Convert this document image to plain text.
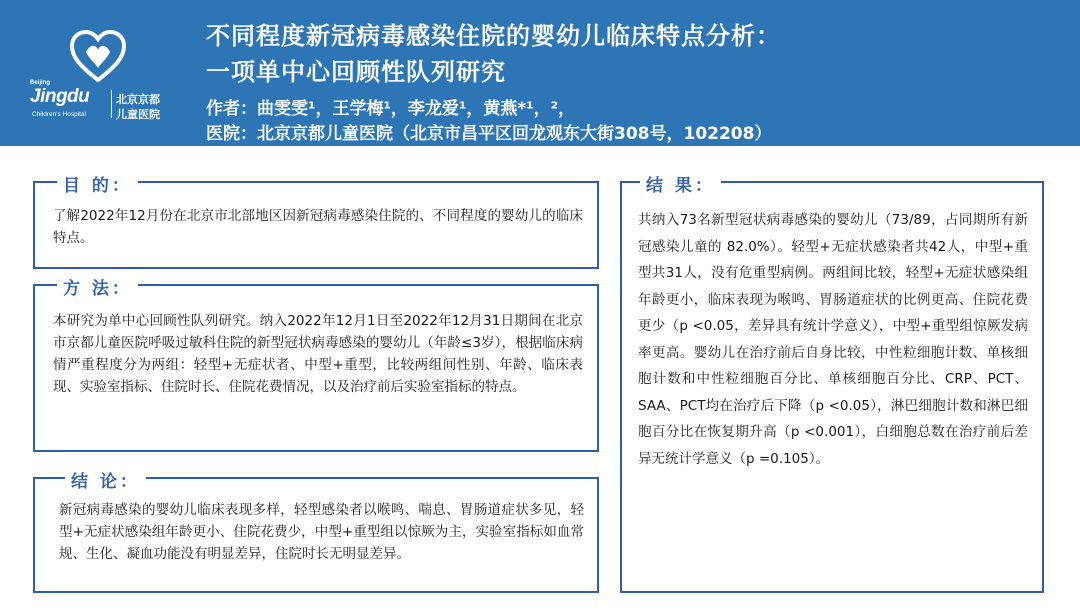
Beijing
Jingdu
Children's Hospital
北京京都
儿童医院
不同程度新冠病毒感染住院的婴幼儿临床特点分析：
一项单中心回顾性队列研究
作者：曲雯雯¹，王学梅¹，李龙爱¹，黄燕*¹，²，
医院：北京京都儿童医院（北京市昌平区回龙观东大街308号，102208）
目 的：
了解2022年12月份在北京市北部地区因新冠病毒感染住院的、不同程度的婴幼儿的临床特点。
方 法：
本研究为单中心回顾性队列研究。纳入2022年12月1日至2022年12月31日期间在北京市京都儿童医院呼吸过敏科住院的新型冠状病毒感染的婴幼儿（年龄≤3岁），根据临床病情严重程度分为两组：轻型+无症状者、中型+重型，比较两组间性别、年龄、临床表现、实验室指标、住院时长、住院花费情况，以及治疗前后实验室指标的特点。
结 论：
新冠病毒感染的婴幼儿临床表现多样，轻型感染者以喉鸣、喘息、胃肠道症状多见，轻型+无症状感染组年龄更小、住院花费少，中型+重型组以惊厥为主，实验室指标如血常规、生化、凝血功能没有明显差异，住院时长无明显差异。
结 果：
共纳入73名新型冠状病毒感染的婴幼儿（73/89，占同期所有新冠感染儿童的 82.0%）。轻型+无症状感染者共42人，中型+重型共31人，没有危重型病例。两组间比较，轻型+无症状感染组年龄更小，临床表现为喉鸣、胃肠道症状的比例更高、住院花费更少（p <0.05，差异具有统计学意义），中型+重型组惊厥发病率更高。婴幼儿在治疗前后自身比较，中性粒细胞计数、单核细胞计数和中性粒细胞百分比、单核细胞百分比、CRP、PCT、SAA、PCT均在治疗后下降（p <0.05），淋巴细胞计数和淋巴细胞百分比在恢复期升高（p <0.001），白细胞总数在治疗前后差异无统计学意义（p =0.105）。
